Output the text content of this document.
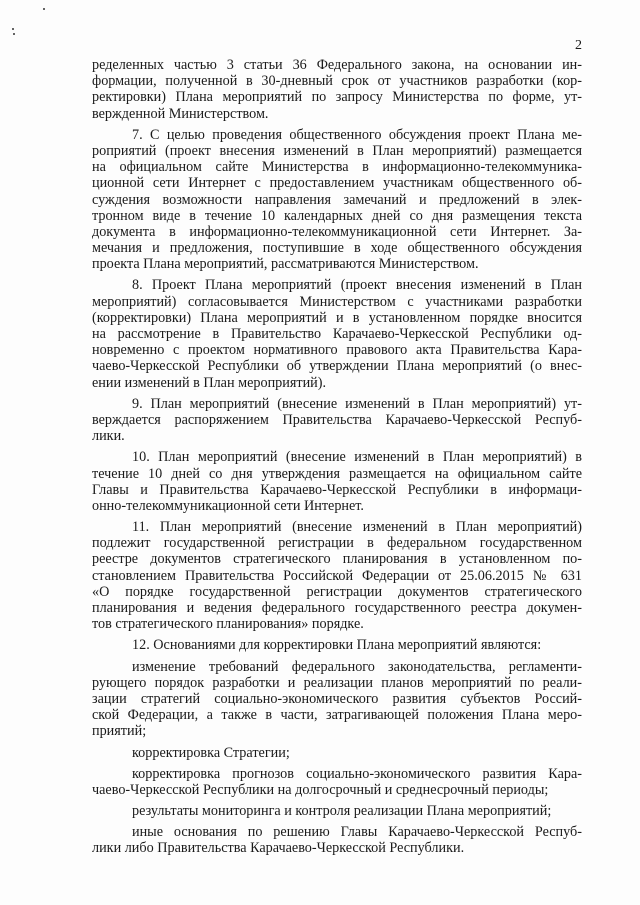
2
ределенных частью 3 статьи 36 Федерального закона, на основании ин-
формации, полученной в 30-дневный срок от участников разработки (кор-
ректировки) Плана мероприятий по запросу Министерства по форме, ут-
вержденной Министерством.
7. С целью проведения общественного обсуждения проект Плана ме-
роприятий (проект внесения изменений в План мероприятий) размещается
на официальном сайте Министерства в информационно-телекоммуника-
ционной сети Интернет с предоставлением участникам общественного об-
суждения возможности направления замечаний и предложений в элек-
тронном виде в течение 10 календарных дней со дня размещения текста
документа в информационно-телекоммуникационной сети Интернет. За-
мечания и предложения, поступившие в ходе общественного обсуждения
проекта Плана мероприятий, рассматриваются Министерством.
8. Проект Плана мероприятий (проект внесения изменений в План
мероприятий) согласовывается Министерством с участниками разработки
(корректировки) Плана мероприятий и в установленном порядке вносится
на рассмотрение в Правительство Карачаево-Черкесской Республики од-
новременно с проектом нормативного правового акта Правительства Кара-
чаево-Черкесской Республики об утверждении Плана мероприятий (о внес-
ении изменений в План мероприятий).
9. План мероприятий (внесение изменений в План мероприятий) ут-
верждается распоряжением Правительства Карачаево-Черкесской Респуб-
лики.
10. План мероприятий (внесение изменений в План мероприятий) в
течение 10 дней со дня утверждения размещается на официальном сайте
Главы и Правительства Карачаево-Черкесской Республики в информаци-
онно-телекоммуникационной сети Интернет.
11. План мероприятий (внесение изменений в План мероприятий)
подлежит государственной регистрации в федеральном государственном
реестре документов стратегического планирования в установленном по-
становлением Правительства Российской Федерации от 25.06.2015 № 631
«О порядке государственной регистрации документов стратегического
планирования и ведения федерального государственного реестра докумен-
тов стратегического планирования» порядке.
12. Основаниями для корректировки Плана мероприятий являются:
изменение требований федерального законодательства, регламенти-
рующего порядок разработки и реализации планов мероприятий по реали-
зации стратегий социально-экономического развития субъектов Россий-
ской Федерации, а также в части, затрагивающей положения Плана меро-
приятий;
корректировка Стратегии;
корректировка прогнозов социально-экономического развития Кара-
чаево-Черкесской Республики на долгосрочный и среднесрочный периоды;
результаты мониторинга и контроля реализации Плана мероприятий;
иные основания по решению Главы Карачаево-Черкесской Респуб-
лики либо Правительства Карачаево-Черкесской Республики.
